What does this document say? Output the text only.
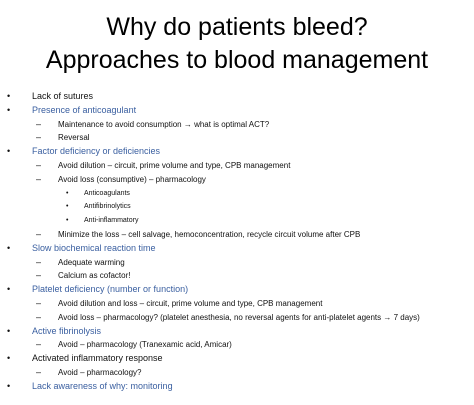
Why do patients bleed?
Approaches to blood management
• Lack of sutures
• Presence of anticoagulant
– Maintenance to avoid consumption → what is optimal ACT?
– Reversal
• Factor deficiency or deficiencies
– Avoid dilution – circuit, prime volume and type, CPB management
– Avoid loss (consumptive) – pharmacology
• Anticoagulants
• Antifibrinolytics
• Anti-inflammatory
– Minimize the loss – cell salvage, hemoconcentration, recycle circuit volume after CPB
• Slow biochemical reaction time
– Adequate warming
– Calcium as cofactor!
• Platelet deficiency (number or function)
– Avoid dilution and loss – circuit, prime volume and type, CPB management
– Avoid loss – pharmacology? (platelet anesthesia, no reversal agents for anti-platelet agents → 7 days)
• Active fibrinolysis
– Avoid – pharmacology (Tranexamic acid, Amicar)
• Activated inflammatory response
– Avoid – pharmacology?
• Lack awareness of why: monitoring
